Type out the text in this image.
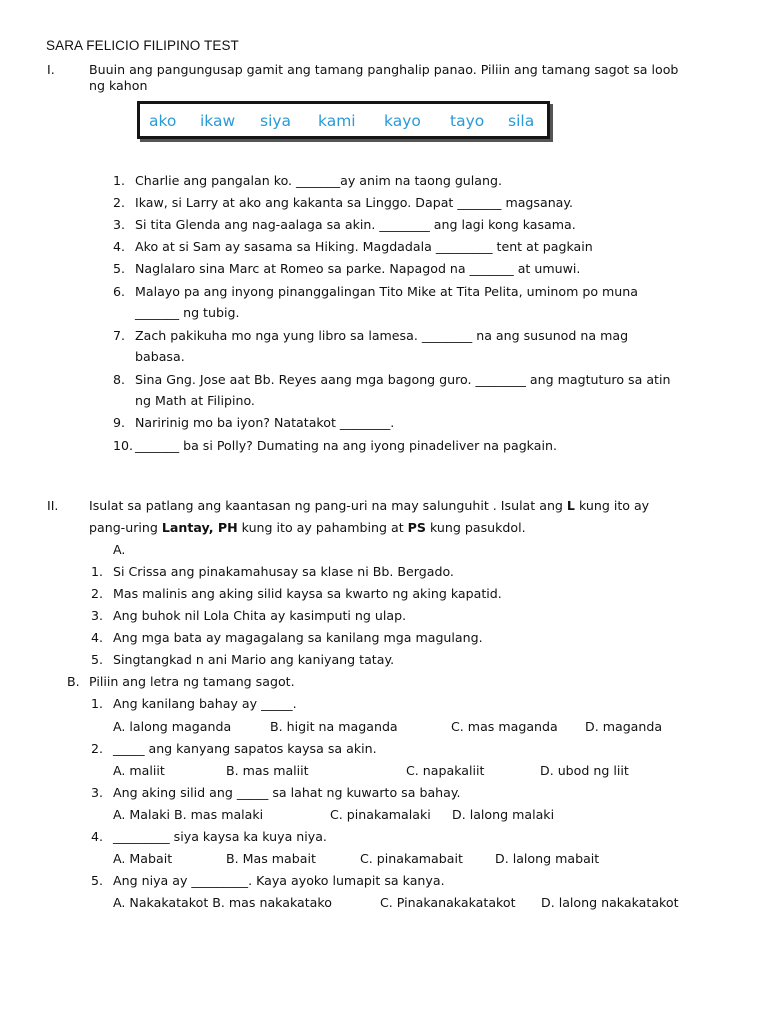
SARA FELICIO FILIPINO TEST
I.	Buuin ang pangungusap gamit ang tamang panghalip panao. Piliin ang tamang sagot sa loob
ng kahon
ako ikaw siya kami kayo tayo sila
1. Charlie ang pangalan ko. _______ay anim na taong gulang.
2. Ikaw, si Larry at ako ang kakanta sa Linggo. Dapat _______ magsanay.
3. Si tita Glenda ang nag-aalaga sa akin. ________ ang lagi kong kasama.
4. Ako at si Sam ay sasama sa Hiking. Magdadala _________ tent at pagkain
5. Naglalaro sina Marc at Romeo sa parke. Napagod na _______ at umuwi.
6. Malayo pa ang inyong pinanggalingan Tito Mike at Tita Pelita, uminom po muna
_______ ng tubig.
7. Zach pakikuha mo nga yung libro sa lamesa. ________ na ang susunod na mag
babasa.
8. Sina Gng. Jose aat Bb. Reyes aang mga bagong guro. ________ ang magtuturo sa atin
ng Math at Filipino.
9. Naririnig mo ba iyon? Natatakot ________.
10. _______ ba si Polly? Dumating na ang iyong pinadeliver na pagkain.
II. Isulat sa patlang ang kaantasan ng pang-uri na may salunguhit . Isulat ang L kung ito ay
pang-uring Lantay, PH kung ito ay pahambing at PS kung pasukdol.
A.
1. Si Crissa ang pinakamahusay sa klase ni Bb. Bergado.
2. Mas malinis ang aking silid kaysa sa kwarto ng aking kapatid.
3. Ang buhok nil Lola Chita ay kasimputi ng ulap.
4. Ang mga bata ay magagalang sa kanilang mga magulang.
5. Singtangkad n ani Mario ang kaniyang tatay.
B. Piliin ang letra ng tamang sagot.
1. Ang kanilang bahay ay _____.
A. lalong maganda	B. higit na maganda	C. mas maganda D. maganda
2. _____ ang kanyang sapatos kaysa sa akin.
A. maliit	B. mas maliit	C. napakaliit	D. ubod ng liit
3. Ang aking silid ang _____ sa lahat ng kuwarto sa bahay.
A. Malaki B. mas malaki	C. pinakamalaki D. lalong malaki
4. _________ siya kaysa ka kuya niya.
A. Mabait	B. Mas mabait	C. pinakamabait	D. lalong mabait
5. Ang niya ay _________. Kaya ayoko lumapit sa kanya.
A. Nakakatakot B. mas nakakatako	C. Pinakanakakatakot D. lalong nakakatakot
